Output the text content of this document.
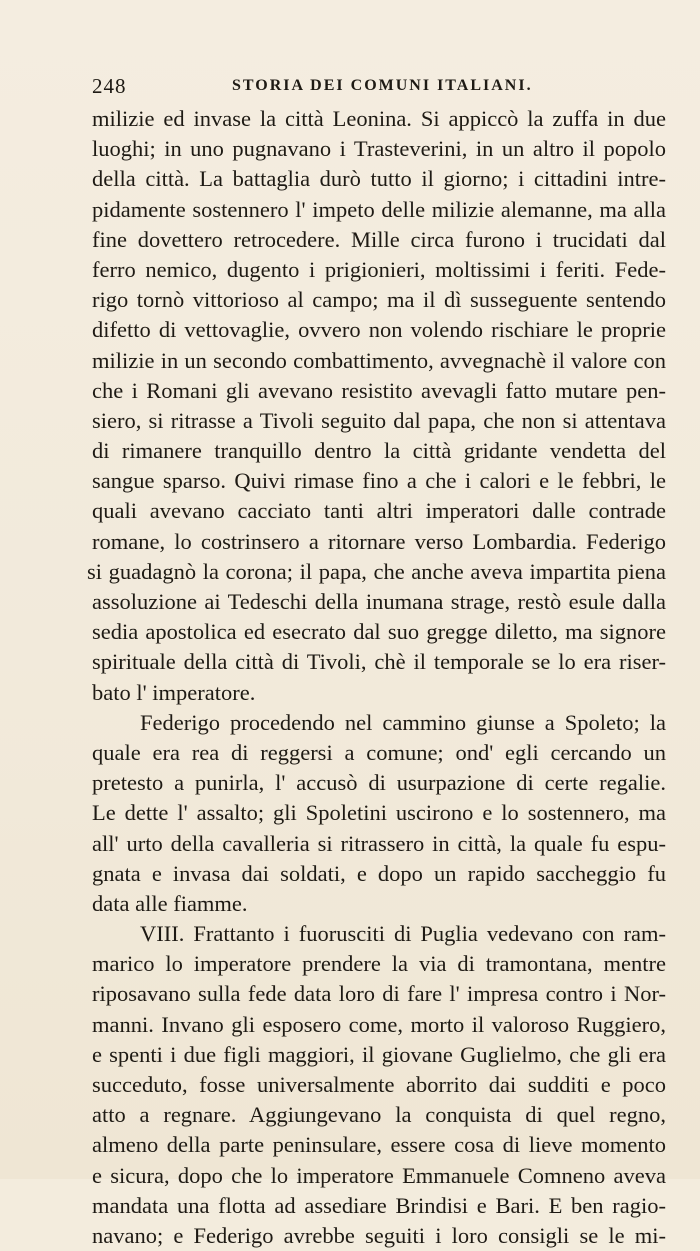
248	STORIA DEI COMUNI ITALIANI.
milizie ed invase la città Leonina. Si appiccò la zuffa in due
luoghi; in uno pugnavano i Trasteverini, in un altro il popolo
della città. La battaglia durò tutto il giorno; i cittadini intre-
pidamente sostennero l' impeto delle milizie alemanne, ma alla
fine dovettero retrocedere. Mille circa furono i trucidati dal
ferro nemico, dugento i prigionieri, moltissimi i feriti. Fede-
rigo tornò vittorioso al campo; ma il dì susseguente sentendo
difetto di vettovaglie, ovvero non volendo rischiare le proprie
milizie in un secondo combattimento, avvegnachè il valore con
che i Romani gli avevano resistito avevagli fatto mutare pen-
siero, si ritrasse a Tivoli seguito dal papa, che non si attentava
di rimanere tranquillo dentro la città gridante vendetta del
sangue sparso. Quivi rimase fino a che i calori e le febbri, le
quali avevano cacciato tanti altri imperatori dalle contrade
romane, lo costrinsero a ritornare verso Lombardia. Federigo
si guadagnò la corona; il papa, che anche aveva impartita piena
assoluzione ai Tedeschi della inumana strage, restò esule dalla
sedia apostolica ed esecrato dal suo gregge diletto, ma signore
spirituale della città di Tivoli, chè il temporale se lo era riser-
bato l' imperatore.
Federigo procedendo nel cammino giunse a Spoleto; la
quale era rea di reggersi a comune; ond' egli cercando un
pretesto a punirla, l' accusò di usurpazione di certe regalie.
Le dette l' assalto; gli Spoletini uscirono e lo sostennero, ma
all' urto della cavalleria si ritrassero in città, la quale fu espu-
gnata e invasa dai soldati, e dopo un rapido saccheggio fu
data alle fiamme.
VIII. Frattanto i fuorusciti di Puglia vedevano con ram-
marico lo imperatore prendere la via di tramontana, mentre
riposavano sulla fede data loro di fare l' impresa contro i Nor-
manni. Invano gli esposero come, morto il valoroso Ruggiero,
e spenti i due figli maggiori, il giovane Guglielmo, che gli era
succeduto, fosse universalmente aborrito dai sudditi e poco
atto a regnare. Aggiungevano la conquista di quel regno,
almeno della parte peninsulare, essere cosa di lieve momento
e sicura, dopo che lo imperatore Emmanuele Comneno aveva
mandata una flotta ad assediare Brindisi e Bari. E ben ragio-
navano; e Federigo avrebbe seguiti i loro consigli se le mi-
